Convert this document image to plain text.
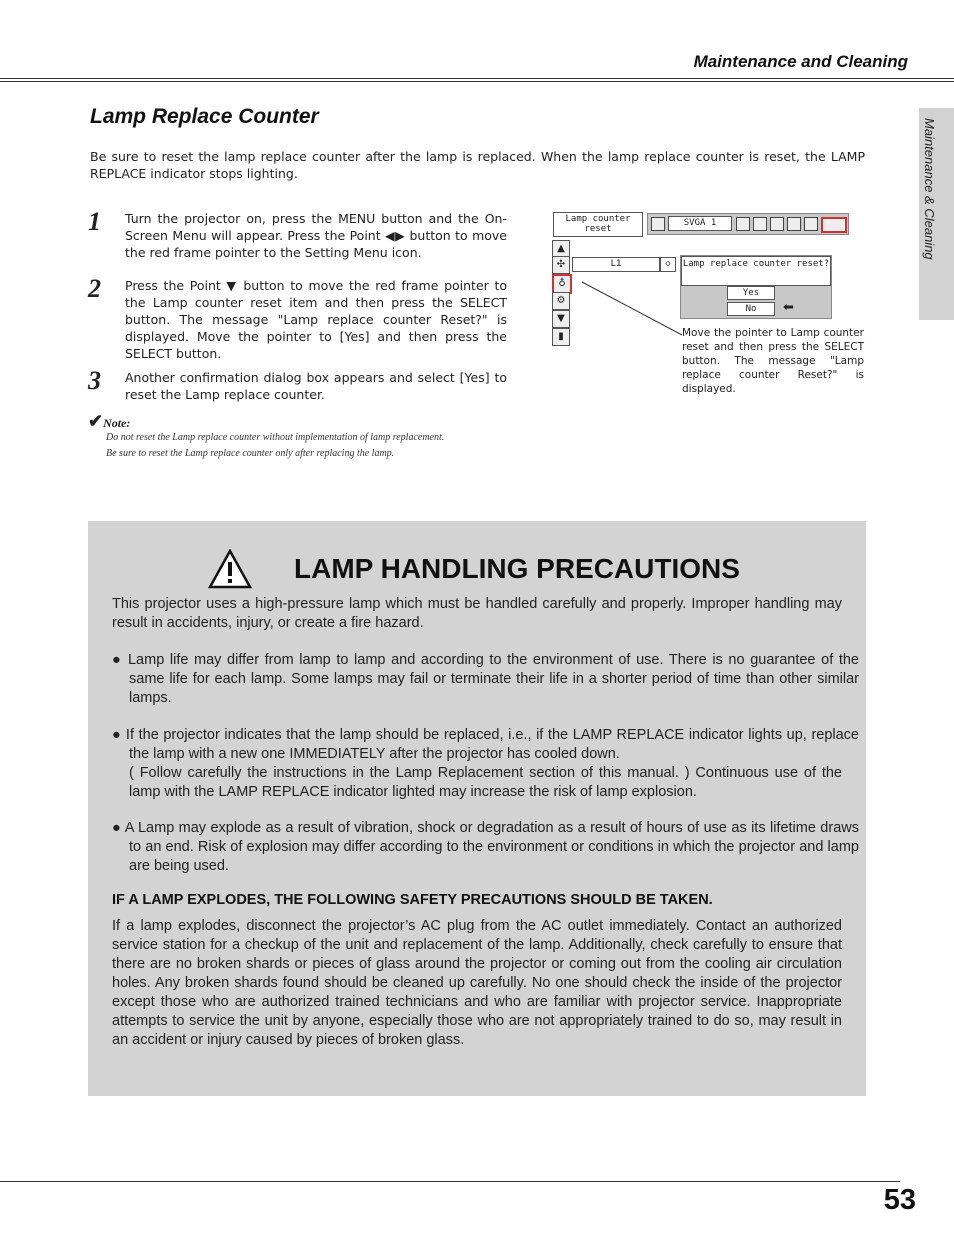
Maintenance and Cleaning
Maintenance & Cleaning
Lamp Replace Counter
Be sure to reset the lamp replace counter after the lamp is replaced. When the lamp replace counter is reset, the LAMP REPLACE indicator stops lighting.
1 Turn the projector on, press the MENU button and the On-Screen Menu will appear. Press the Point ◀▶ button to move the red frame pointer to the Setting Menu icon.
2 Press the Point ▼ button to move the red frame pointer to the Lamp counter reset item and then press the SELECT button. The message "Lamp replace counter Reset?" is displayed. Move the pointer to [Yes] and then press the SELECT button.
3 Another confirmation dialog box appears and select [Yes] to reset the Lamp replace counter.
✔Note:
Do not reset the Lamp replace counter without implementation of lamp replacement.
Be sure to reset the Lamp replace counter only after replacing the lamp.
Lamp counter reset
SVGA 1
▲
✣
♁
⚙
▼
▮
L1	◇	Lamp replace counter reset?
Yes
No	⬅
Move the pointer to Lamp counter reset and then press the SELECT button. The message "Lamp replace counter Reset?" is displayed.
LAMP HANDLING PRECAUTIONS
This projector uses a high-pressure lamp which must be handled carefully and properly. Improper handling may result in accidents, injury, or create a fire hazard.
● Lamp life may differ from lamp to lamp and according to the environment of use. There is no guarantee of the same life for each lamp. Some lamps may fail or terminate their life in a shorter period of time than other similar lamps.
● If the projector indicates that the lamp should be replaced, i.e., if the LAMP REPLACE indicator lights up, replace the lamp with a new one IMMEDIATELY after the projector has cooled down.
( Follow carefully the instructions in the Lamp Replacement section of this manual. ) Continuous use of the lamp with the LAMP REPLACE indicator lighted may increase the risk of lamp explosion.
● A Lamp may explode as a result of vibration, shock or degradation as a result of hours of use as its lifetime draws to an end. Risk of explosion may differ according to the environment or conditions in which the projector and lamp are being used.
IF A LAMP EXPLODES, THE FOLLOWING SAFETY PRECAUTIONS SHOULD BE TAKEN.
If a lamp explodes, disconnect the projector’s AC plug from the AC outlet immediately. Contact an authorized service station for a checkup of the unit and replacement of the lamp. Additionally, check carefully to ensure that there are no broken shards or pieces of glass around the projector or coming out from the cooling air circulation holes. Any broken shards found should be cleaned up carefully. No one should check the inside of the projector except those who are authorized trained technicians and who are familiar with projector service. Inappropriate attempts to service the unit by anyone, especially those who are not appropriately trained to do so, may result in an accident or injury caused by pieces of broken glass.
53
